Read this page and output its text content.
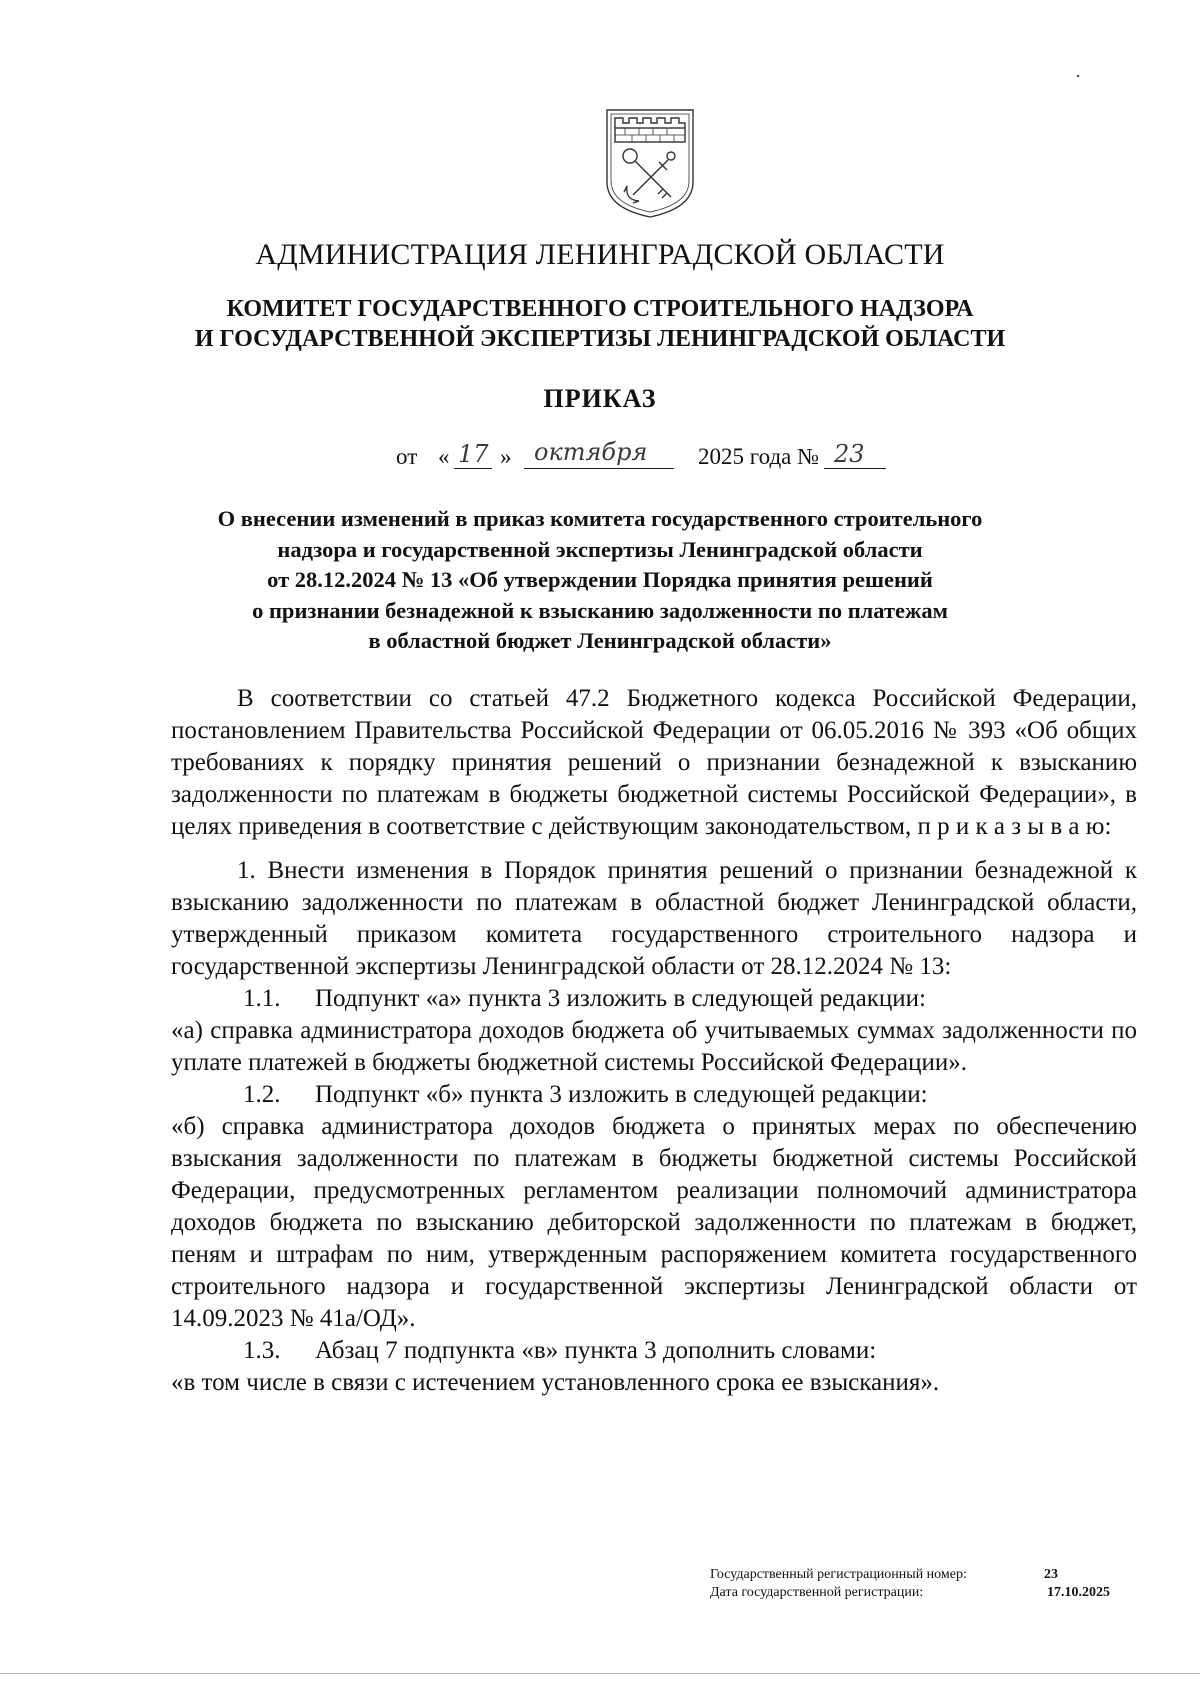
АДМИНИСТРАЦИЯ ЛЕНИНГРАДСКОЙ ОБЛАСТИ
КОМИТЕТ ГОСУДАРСТВЕННОГО СТРОИТЕЛЬНОГО НАДЗОРА
И ГОСУДАРСТВЕННОЙ ЭКСПЕРТИЗЫ ЛЕНИНГРАДСКОЙ ОБЛАСТИ
ПРИКАЗ
от « 17 » октября 2025 года № 23
О внесении изменений в приказ комитета государственного строительного
надзора и государственной экспертизы Ленинградской области
от 28.12.2024 № 13 «Об утверждении Порядка принятия решений
о признании безнадежной к взысканию задолженности по платежам
в областной бюджет Ленинградской области»

В соответствии со статьей 47.2 Бюджетного кодекса Российской Федерации, постановлением Правительства Российской Федерации от 06.05.2016 № 393 «Об общих требованиях к порядку принятия решений о признании безнадежной к взысканию задолженности по платежам в бюджеты бюджетной системы Российской Федерации», в целях приведения в соответствие с действующим законодательством, п р и к а з ы в а ю:

1. Внести изменения в Порядок принятия решений о признании безнадежной к взысканию задолженности по платежам в областной бюджет Ленинградской области, утвержденный приказом комитета государственного строительного надзора и государственной экспертизы Ленинградской области от 28.12.2024 № 13:

1.1.	Подпункт «а» пункта 3 изложить в следующей редакции:

«а) справка администратора доходов бюджета об учитываемых суммах задолженности по уплате платежей в бюджеты бюджетной системы Российской Федерации».

1.2.	Подпункт «б» пункта 3 изложить в следующей редакции:

«б) справка администратора доходов бюджета о принятых мерах по обеспечению взыскания задолженности по платежам в бюджеты бюджетной системы Российской Федерации, предусмотренных регламентом реализации полномочий администратора доходов бюджета по взысканию дебиторской задолженности по платежам в бюджет, пеням и штрафам по ним, утвержденным распоряжением комитета государственного строительного надзора и государственной экспертизы Ленинградской области от 14.09.2023 № 41а/ОД».

1.3.	Абзац 7 подпункта «в» пункта 3 дополнить словами:

«в том числе в связи с истечением установленного срока ее взыскания».

Государственный регистрационный номер:	23
Дата государственной регистрации:	17.10.2025
